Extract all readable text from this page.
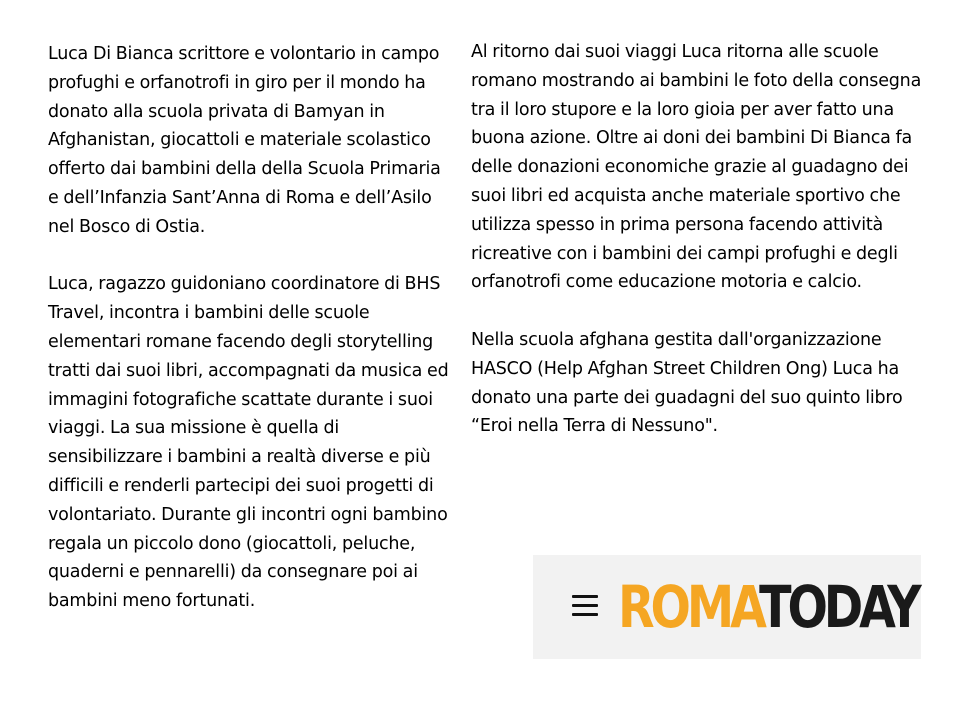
Luca Di Bianca scrittore e volontario in campo profughi e orfanotrofi in giro per il mondo ha donato alla scuola privata di Bamyan in Afghanistan, giocattoli e materiale scolastico offerto dai bambini della della Scuola Primaria e dell’Infanzia Sant’Anna di Roma e dell’Asilo nel Bosco di Ostia.

Luca, ragazzo guidoniano coordinatore di BHS Travel, incontra i bambini delle scuole elementari romane facendo degli storytelling tratti dai suoi libri, accompagnati da musica ed immagini fotografiche scattate durante i suoi viaggi. La sua missione è quella di sensibilizzare i bambini a realtà diverse e più difficili e renderli partecipi dei suoi progetti di volontariato. Durante gli incontri ogni bambino regala un piccolo dono (giocattoli, peluche, quaderni e pennarelli) da consegnare poi ai bambini meno fortunati.

Al ritorno dai suoi viaggi Luca ritorna alle scuole romano mostrando ai bambini le foto della consegna tra il loro stupore e la loro gioia per aver fatto una buona azione. Oltre ai doni dei bambini Di Bianca fa delle donazioni economiche grazie al guadagno dei suoi libri ed acquista anche materiale sportivo che utilizza spesso in prima persona facendo attività ricreative con i bambini dei campi profughi e degli orfanotrofi come educazione motoria e calcio.

Nella scuola afghana gestita dall'organizzazione HASCO (Help Afghan Street Children Ong) Luca ha donato una parte dei guadagni del suo quinto libro “Eroi nella Terra di Nessuno".

ROMATODAY
